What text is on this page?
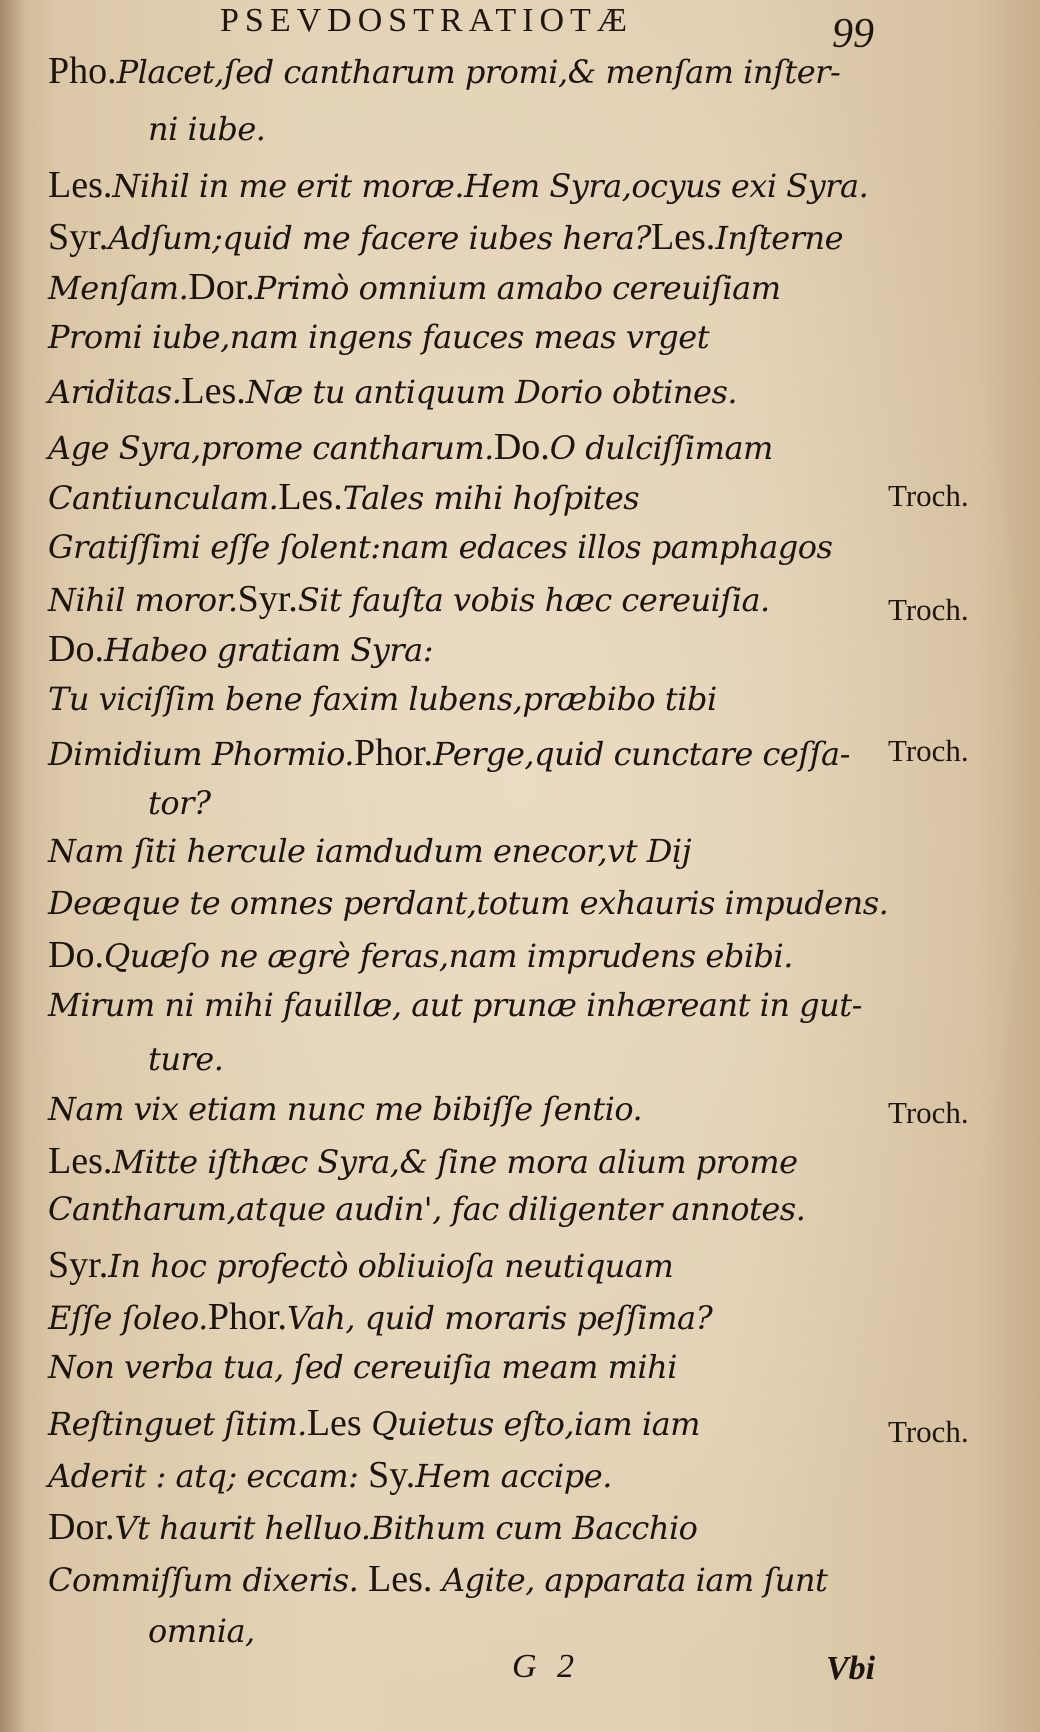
PSEVDOSTRATIOTÆ	99
Pho.Placet,ſed cantharum promi,& menſam inſter-
ni iube.
Les.Nihil in me erit moræ.Hem Syra,ocyus exi Syra.
Syr.Adſum;quid me facere iubes hera?Les.Inſterne
Menſam.Dor.Primò omnium amabo cereuiſiam
Promi iube,nam ingens fauces meas vrget
Ariditas.Les.Næ tu antiquum Dorio obtines.
Age Syra,prome cantharum.Do.O dulciſſimam
Cantiunculam.Les.Tales mihi hoſpites
Gratiſſimi eſſe ſolent:nam edaces illos pamphagos
Nihil moror.Syr.Sit fauſta vobis hæc cereuiſia.
Do.Habeo gratiam Syra:
Tu viciſſim bene faxim lubens,præbibo tibi
Dimidium Phormio.Phor.Perge,quid cunctare ceſſa-
tor?
Nam ſiti hercule iamdudum enecor,vt Dij
Deæque te omnes perdant,totum exhauris impudens.
Do.Quæſo ne ægrè feras,nam imprudens ebibi.
Mirum ni mihi fauillæ, aut prunæ inhæreant in gut-
ture.
Nam vix etiam nunc me bibiſſe ſentio.
Les.Mitte iſthæc Syra,& ſine mora alium prome
Cantharum,atque audin', fac diligenter annotes.
Syr.In hoc profectò obliuioſa neutiquam
Eſſe ſoleo.Phor.Vah, quid moraris peſſima?
Non verba tua, ſed cereuiſia meam mihi
Reſtinguet ſitim.Les Quietus eſto,iam iam
Aderit : atq; eccam: Sy.Hem accipe.
Dor.Vt haurit helluo.Bithum cum Bacchio
Commiſſum dixeris. Les. Agite, apparata iam ſunt
omnia,
Troch.
Troch.
Troch.
Troch.
Troch.
G 2	Vbi
